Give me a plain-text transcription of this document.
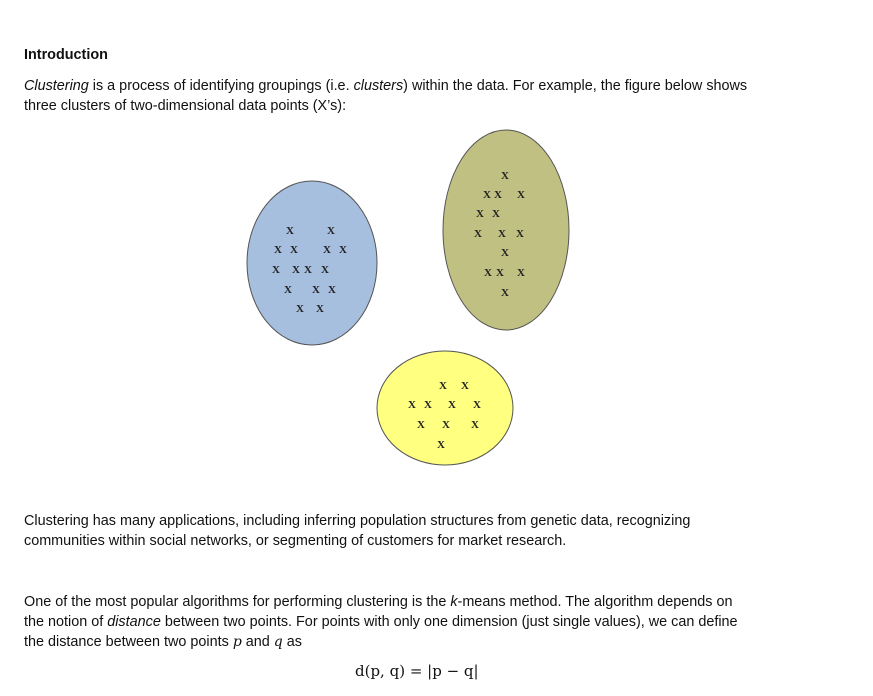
Introduction
Clustering is a process of identifying groupings (i.e. clusters) within the data. For example, the figure below shows
three clusters of two-dimensional data points (X’s):
X	X
X X X X
X X X X
X X X
X X
X
X X X
X X
X X X
X
X X X
X
X X
X X X X
X X X
X
Clustering has many applications, including inferring population structures from genetic data, recognizing
communities within social networks, or segmenting of customers for market research.
One of the most popular algorithms for performing clustering is the k-means method. The algorithm depends on
the notion of distance between two points. For points with only one dimension (just single values), we can define
the distance between two points p and q as
d(p, q) = |p − q|
